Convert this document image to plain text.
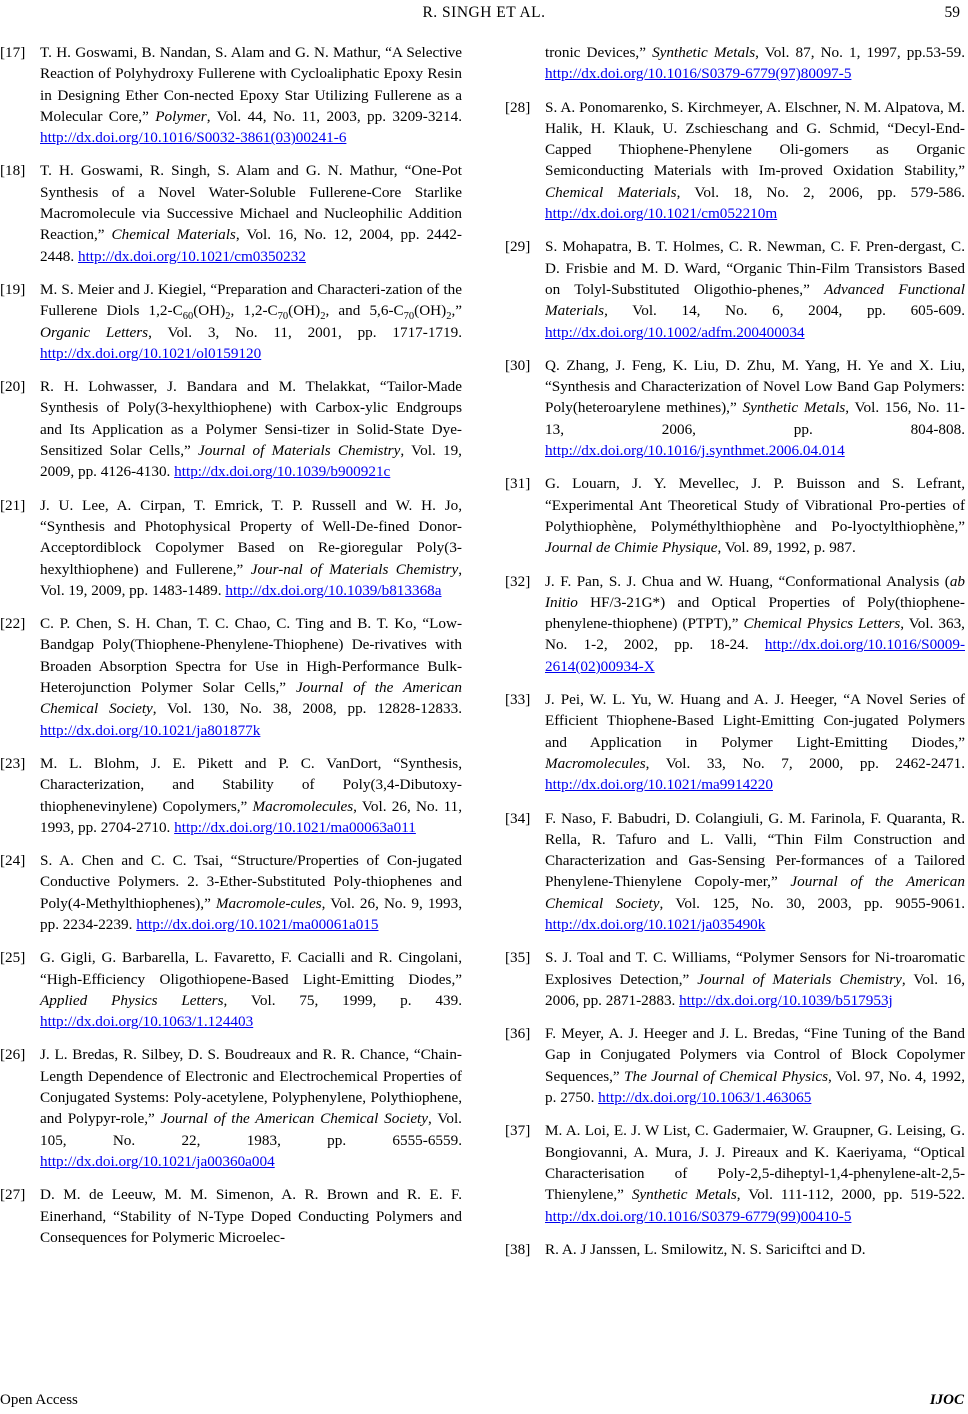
R. SINGH ET AL.	59
[17] T. H. Goswami, B. Nandan, S. Alam and G. N. Mathur, “A Selective Reaction of Polyhydroxy Fullerene with Cycloaliphatic Epoxy Resin in Designing Ether Con-nected Epoxy Star Utilizing Fullerene as a Molecular Core,” Polymer, Vol. 44, No. 11, 2003, pp. 3209-3214. http://dx.doi.org/10.1016/S0032-3861(03)00241-6
[18] T. H. Goswami, R. Singh, S. Alam and G. N. Mathur, “One-Pot Synthesis of a Novel Water-Soluble Fullerene-Core Starlike Macromolecule via Successive Michael and Nucleophilic Addition Reaction,” Chemical Materials, Vol. 16, No. 12, 2004, pp. 2442-2448. http://dx.doi.org/10.1021/cm0350232
[19] M. S. Meier and J. Kiegiel, “Preparation and Characteri-zation of the Fullerene Diols $1,2-C_{60}(OH)_2$, $1,2-C_{70}(OH)_2$, and $5,6-C_{70}(OH)_2$,” Organic Letters, Vol. 3, No. 11, 2001, pp. 1717-1719. http://dx.doi.org/10.1021/ol0159120
[20] R. H. Lohwasser, J. Bandara and M. Thelakkat, “Tailor-Made Synthesis of Poly(3-hexylthiophene) with Carbox-ylic Endgroups and Its Application as a Polymer Sensi-tizer in Solid-State Dye-Sensitized Solar Cells,” Journal of Materials Chemistry, Vol. 19, 2009, pp. 4126-4130. http://dx.doi.org/10.1039/b900921c
[21] J. U. Lee, A. Cirpan, T. Emrick, T. P. Russell and W. H. Jo, “Synthesis and Photophysical Property of Well-De-fined Donor-Acceptordiblock Copolymer Based on Re-gioregular Poly(3-hexylthiophene) and Fullerene,” Jour-nal of Materials Chemistry, Vol. 19, 2009, pp. 1483-1489. http://dx.doi.org/10.1039/b813368a
[22] C. P. Chen, S. H. Chan, T. C. Chao, C. Ting and B. T. Ko, “Low-Bandgap Poly(Thiophene-Phenylene-Thiophene) De-rivatives with Broaden Absorption Spectra for Use in High-Performance Bulk-Heterojunction Polymer Solar Cells,” Journal of the American Chemical Society, Vol. 130, No. 38, 2008, pp. 12828-12833. http://dx.doi.org/10.1021/ja801877k
[23] M. L. Blohm, J. E. Pikett and P. C. VanDort, “Synthesis, Characterization, and Stability of Poly(3,4-Dibutoxy-thiophenevinylene) Copolymers,” Macromolecules, Vol. 26, No. 11, 1993, pp. 2704-2710. http://dx.doi.org/10.1021/ma00063a011
[24] S. A. Chen and C. C. Tsai, “Structure/Properties of Con-jugated Conductive Polymers. 2. 3-Ether-Substituted Poly-thiophenes and Poly(4-Methylthiophenes),” Macromole-cules, Vol. 26, No. 9, 1993, pp. 2234-2239. http://dx.doi.org/10.1021/ma00061a015
[25] G. Gigli, G. Barbarella, L. Favaretto, F. Cacialli and R. Cingolani, “High-Efficiency Oligothiopene-Based Light-Emitting Diodes,” Applied Physics Letters, Vol. 75, 1999, p. 439. http://dx.doi.org/10.1063/1.124403
[26] J. L. Bredas, R. Silbey, D. S. Boudreaux and R. R. Chance, “Chain-Length Dependence of Electronic and Electrochemical Properties of Conjugated Systems: Poly-acetylene, Polyphenylene, Polythiophene, and Polypyr-role,” Journal of the American Chemical Society, Vol. 105, No. 22, 1983, pp. 6555-6559. http://dx.doi.org/10.1021/ja00360a004
[27] D. M. de Leeuw, M. M. Simenon, A. R. Brown and R. E. F. Einerhand, “Stability of N-Type Doped Conducting Polymers and Consequences for Polymeric Microelec-
tronic Devices,” Synthetic Metals, Vol. 87, No. 1, 1997, pp.53-59. http://dx.doi.org/10.1016/S0379-6779(97)80097-5
[28] S. A. Ponomarenko, S. Kirchmeyer, A. Elschner, N. M. Alpatova, M. Halik, H. Klauk, U. Zschieschang and G. Schmid, “Decyl-End-Capped Thiophene-Phenylene Oli-gomers as Organic Semiconducting Materials with Im-proved Oxidation Stability,” Chemical Materials, Vol. 18, No. 2, 2006, pp. 579-586. http://dx.doi.org/10.1021/cm052210m
[29] S. Mohapatra, B. T. Holmes, C. R. Newman, C. F. Pren-dergast, C. D. Frisbie and M. D. Ward, “Organic Thin-Film Transistors Based on Tolyl-Substituted Oligothio-phenes,” Advanced Functional Materials, Vol. 14, No. 6, 2004, pp. 605-609. http://dx.doi.org/10.1002/adfm.200400034
[30] Q. Zhang, J. Feng, K. Liu, D. Zhu, M. Yang, H. Ye and X. Liu, “Synthesis and Characterization of Novel Low Band Gap Polymers: Poly(heteroarylene methines),” Synthetic Metals, Vol. 156, No. 11-13, 2006, pp. 804-808. http://dx.doi.org/10.1016/j.synthmet.2006.04.014
[31] G. Louarn, J. Y. Mevellec, J. P. Buisson and S. Lefrant, “Experimental Ant Theoretical Study of Vibrational Pro-perties of Polythiophène, Polyméthylthiophène and Po-lyoctylthiophène,” Journal de Chimie Physique, Vol. 89, 1992, p. 987.
[32] J. F. Pan, S. J. Chua and W. Huang, “Conformational Analysis (ab Initio HF/3-21G*) and Optical Properties of Poly(thiophene-phenylene-thiophene) (PTPT),” Chemical Physics Letters, Vol. 363, No. 1-2, 2002, pp. 18-24. http://dx.doi.org/10.1016/S0009-2614(02)00934-X
[33] J. Pei, W. L. Yu, W. Huang and A. J. Heeger, “A Novel Series of Efficient Thiophene-Based Light-Emitting Con-jugated Polymers and Application in Polymer Light-Emitting Diodes,” Macromolecules, Vol. 33, No. 7, 2000, pp. 2462-2471. http://dx.doi.org/10.1021/ma9914220
[34] F. Naso, F. Babudri, D. Colangiuli, G. M. Farinola, F. Quaranta, R. Rella, R. Tafuro and L. Valli, “Thin Film Construction and Characterization and Gas-Sensing Per-formances of a Tailored Phenylene-Thienylene Copoly-mer,” Journal of the American Chemical Society, Vol. 125, No. 30, 2003, pp. 9055-9061. http://dx.doi.org/10.1021/ja035490k
[35] S. J. Toal and T. C. Williams, “Polymer Sensors for Ni-troaromatic Explosives Detection,” Journal of Materials Chemistry, Vol. 16, 2006, pp. 2871-2883. http://dx.doi.org/10.1039/b517953j
[36] F. Meyer, A. J. Heeger and J. L. Bredas, “Fine Tuning of the Band Gap in Conjugated Polymers via Control of Block Copolymer Sequences,” The Journal of Chemical Physics, Vol. 97, No. 4, 1992, p. 2750. http://dx.doi.org/10.1063/1.463065
[37] M. A. Loi, E. J. W List, C. Gadermaier, W. Graupner, G. Leising, G. Bongiovanni, A. Mura, J. J. Pireaux and K. Kaeriyama, “Optical Characterisation of Poly-2,5-diheptyl-1,4-phenylene-alt-2,5-Thienylene,” Synthetic Metals, Vol. 111-112, 2000, pp. 519-522. http://dx.doi.org/10.1016/S0379-6779(99)00410-5
[38] R. A. J Janssen, L. Smilowitz, N. S. Sariciftci and D.
Open Access	IJOC
